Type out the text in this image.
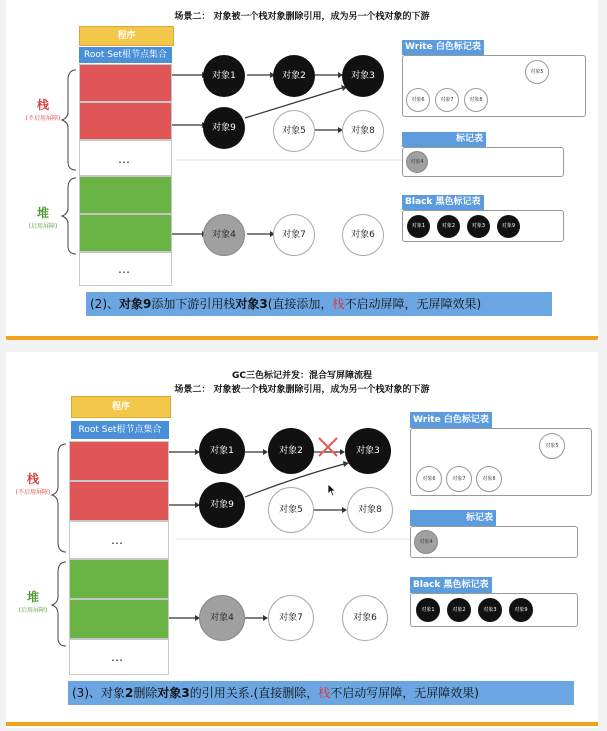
场景二： 对象被一个栈对象删除引用，成为另一个栈对象的下游
程序
Root Set根节点集合
…
…
栈
(不启用屏障)
堆
(启用屏障)
对象1	对象2	对象3
对象9	对象5	对象8
对象4	对象7	对象6
Write 白色标记表
对象5
对象6	对象7	对象8
标记表
对象4
Black 黑色标记表
对象1	对象2	对象3	对象9
(2)、对象9添加下游引用栈对象3(直接添加，栈不启动屏障，无屏障效果)
GC三色标记并发：混合写屏障流程
场景二： 对象被一个栈对象删除引用，成为另一个栈对象的下游
程序
Root Set根节点集合
…
…
栈
(不启用屏障)
堆
(启用屏障)
对象1	对象2	对象3
对象9	对象5	对象8
对象4	对象7	对象6
Write 白色标记表
对象5
对象6	对象7	对象8
标记表
对象4
Black 黑色标记表
对象1	对象2	对象3	对象9
(3)、对象2删除对象3的引用关系.(直接删除，栈不启动写屏障，无屏障效果)
